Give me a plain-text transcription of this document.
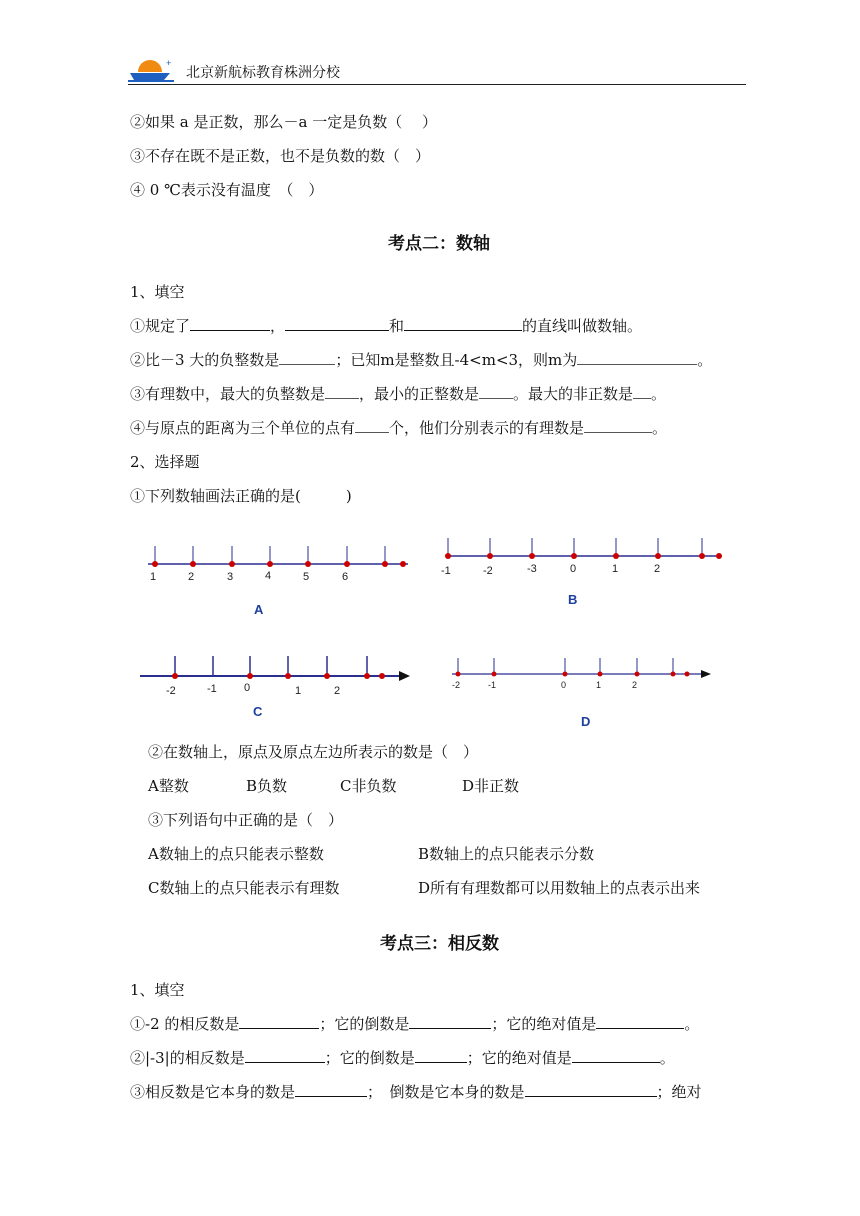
+
北京新航标教育株洲分校
②如果 a 是正数，那么－a 一定是负数（　 ）
③不存在既不是正数，也不是负数的数（　）
④ 0 ℃表示没有温度　（　）
考点二：数轴
1、填空
①规定了	，	和	的直线叫做数轴。
②比－3 大的负整数是	；已知m是整数且-4<m<3，则m为	。
③有理数中，最大的负整数是 ，最小的正整数是 。最大的非正数是 。
④与原点的距离为三个单位的点有 个，他们分别表示的有理数是	。
2、选择题
①下列数轴画法正确的是(　　　)
1	2	3	4	5	6
A
-1	-2	-3	0	1	2
B
-2	-1 0	1	2
C
-2	-1	0	1	2
D
②在数轴上，原点及原点左边所表示的数是（　）
A整数	B负数	C非负数	D非正数
③下列语句中正确的是（　）
A数轴上的点只能表示整数	B数轴上的点只能表示分数
C数轴上的点只能表示有理数	D所有有理数都可以用数轴上的点表示出来
考点三：相反数
1、填空
①-2 的相反数是	；它的倒数是	；它的绝对值是	。
②|-3|的相反数是	；它的倒数是	；它的绝对值是	。
③相反数是它本身的数是	；　倒数是它本身的数是	；绝对
